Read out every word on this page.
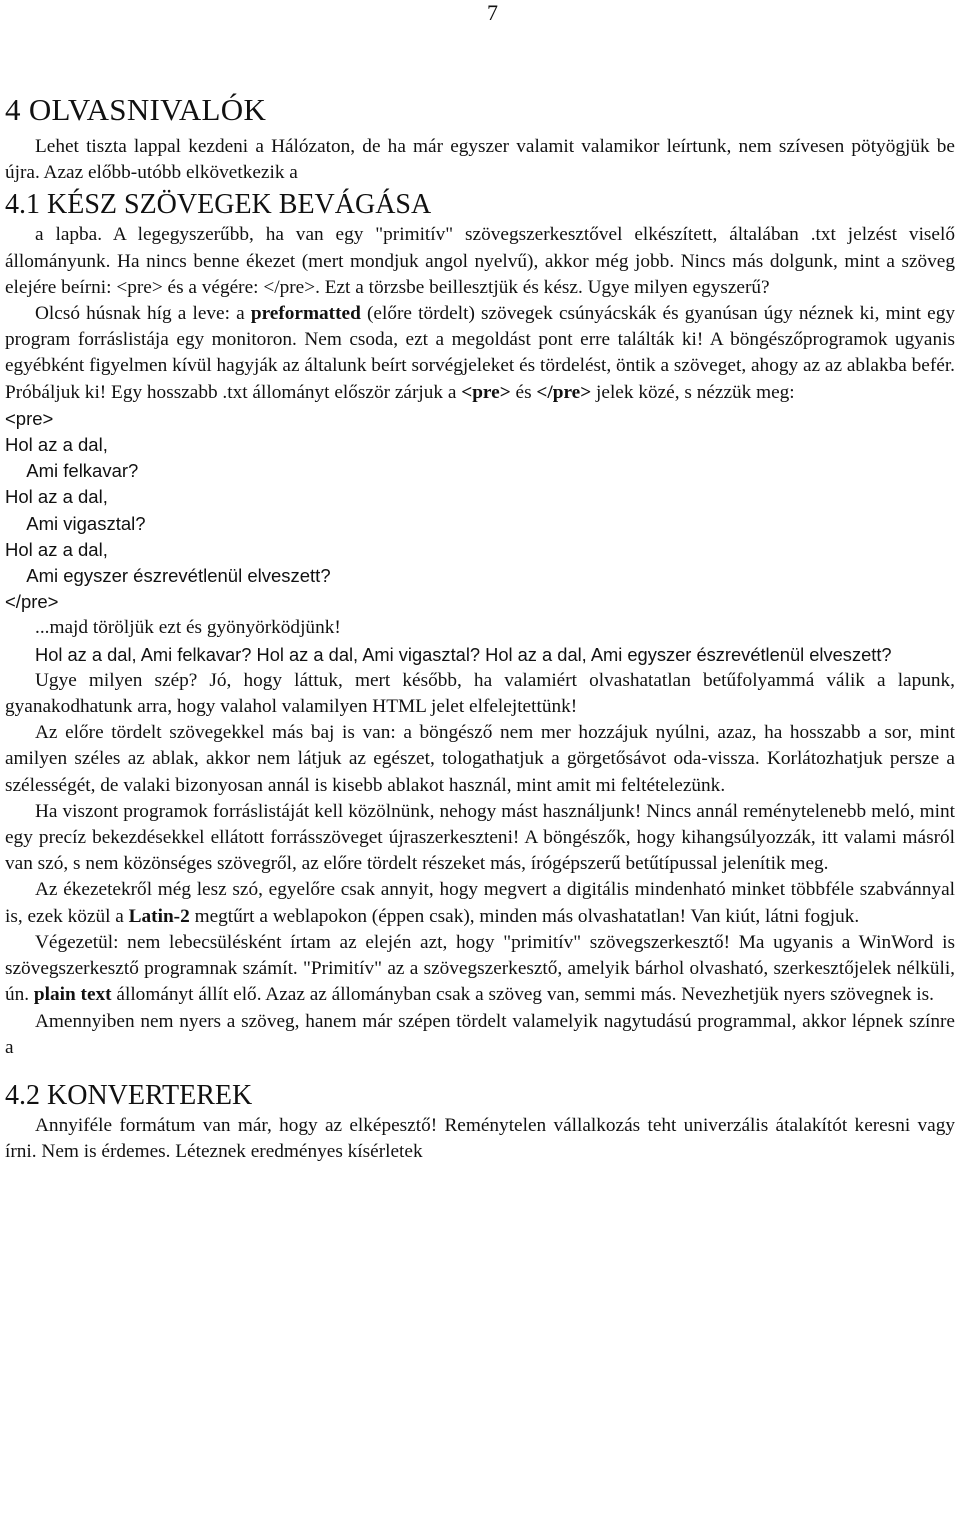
7
4 OLVASNIVALÓK

Lehet tiszta lappal kezdeni a Hálózaton, de ha már egyszer valamit valamikor leírtunk, nem szívesen pötyögjük be újra. Azaz előbb-utóbb elkövetkezik a

4.1 KÉSZ SZÖVEGEK BEVÁGÁSA

a lapba. A legegyszerűbb, ha van egy "primitív" szövegszerkesztővel elkészített, általában .txt jelzést viselő állományunk. Ha nincs benne ékezet (mert mondjuk angol nyelvű), akkor még jobb. Nincs más dolgunk, mint a szöveg elejére beírni: <pre> és a végére: </pre>. Ezt a törzsbe beillesztjük és kész. Ugye milyen egyszerű?

Olcsó húsnak híg a leve: a preformatted (előre tördelt) szövegek csúnyácskák és gyanúsan úgy néznek ki, mint egy program forráslistája egy monitoron. Nem csoda, ezt a megoldást pont erre találták ki! A böngészőprogramok ugyanis egyébként figyelmen kívül hagyják az általunk beírt sorvégjeleket és tördelést, öntik a szöveget, ahogy az az ablakba befér. Próbáljuk ki! Egy hosszabb .txt állományt először zárjuk a <pre> és </pre> jelek közé, s nézzük meg:

<pre>
Hol az a dal,
Ami felkavar?
Hol az a dal,
Ami vigasztal?
Hol az a dal,
Ami egyszer észrevétlenül elveszett?
</pre>

...majd töröljük ezt és gyönyörködjünk!

Hol az a dal, Ami felkavar? Hol az a dal, Ami vigasztal? Hol az a dal, Ami egyszer észrevétlenül elveszett?

Ugye milyen szép? Jó, hogy láttuk, mert később, ha valamiért olvashatatlan betűfolyammá válik a lapunk, gyanakodhatunk arra, hogy valahol valamilyen HTML jelet elfelejtettünk!

Az előre tördelt szövegekkel más baj is van: a böngésző nem mer hozzájuk nyúlni, azaz, ha hosszabb a sor, mint amilyen széles az ablak, akkor nem látjuk az egészet, tologathatjuk a görgetősávot oda-vissza. Korlátozhatjuk persze a szélességét, de valaki bizonyosan annál is kisebb ablakot használ, mint amit mi feltételezünk.

Ha viszont programok forráslistáját kell közölnünk, nehogy mást használjunk! Nincs annál reménytelenebb meló, mint egy precíz bekezdésekkel ellátott forrásszöveget újraszerkeszteni! A böngészők, hogy kihangsúlyozzák, itt valami másról van szó, s nem közönséges szövegről, az előre tördelt részeket más, írógépszerű betűtípussal jelenítik meg.

Az ékezetekről még lesz szó, egyelőre csak annyit, hogy megvert a digitális mindenható minket többféle szabvánnyal is, ezek közül a Latin-2 megtűrt a weblapokon (éppen csak), minden más olvashatatlan! Van kiút, látni fogjuk.

Végezetül: nem lebecsülésként írtam az elején azt, hogy "primitív" szövegszerkesztő! Ma ugyanis a WinWord is szövegszerkesztő programnak számít. "Primitív" az a szövegszerkesztő, amelyik bárhol olvasható, szerkesztőjelek nélküli, ún. plain text állományt állít elő. Azaz az állományban csak a szöveg van, semmi más. Nevezhetjük nyers szövegnek is.

Amennyiben nem nyers a szöveg, hanem már szépen tördelt valamelyik nagytudású programmal, akkor lépnek színre a

4.2 KONVERTEREK

Annyiféle formátum van már, hogy az elképesztő! Reménytelen vállalkozás teht univerzális átalakítót keresni vagy írni. Nem is érdemes. Léteznek eredményes kísérletek
